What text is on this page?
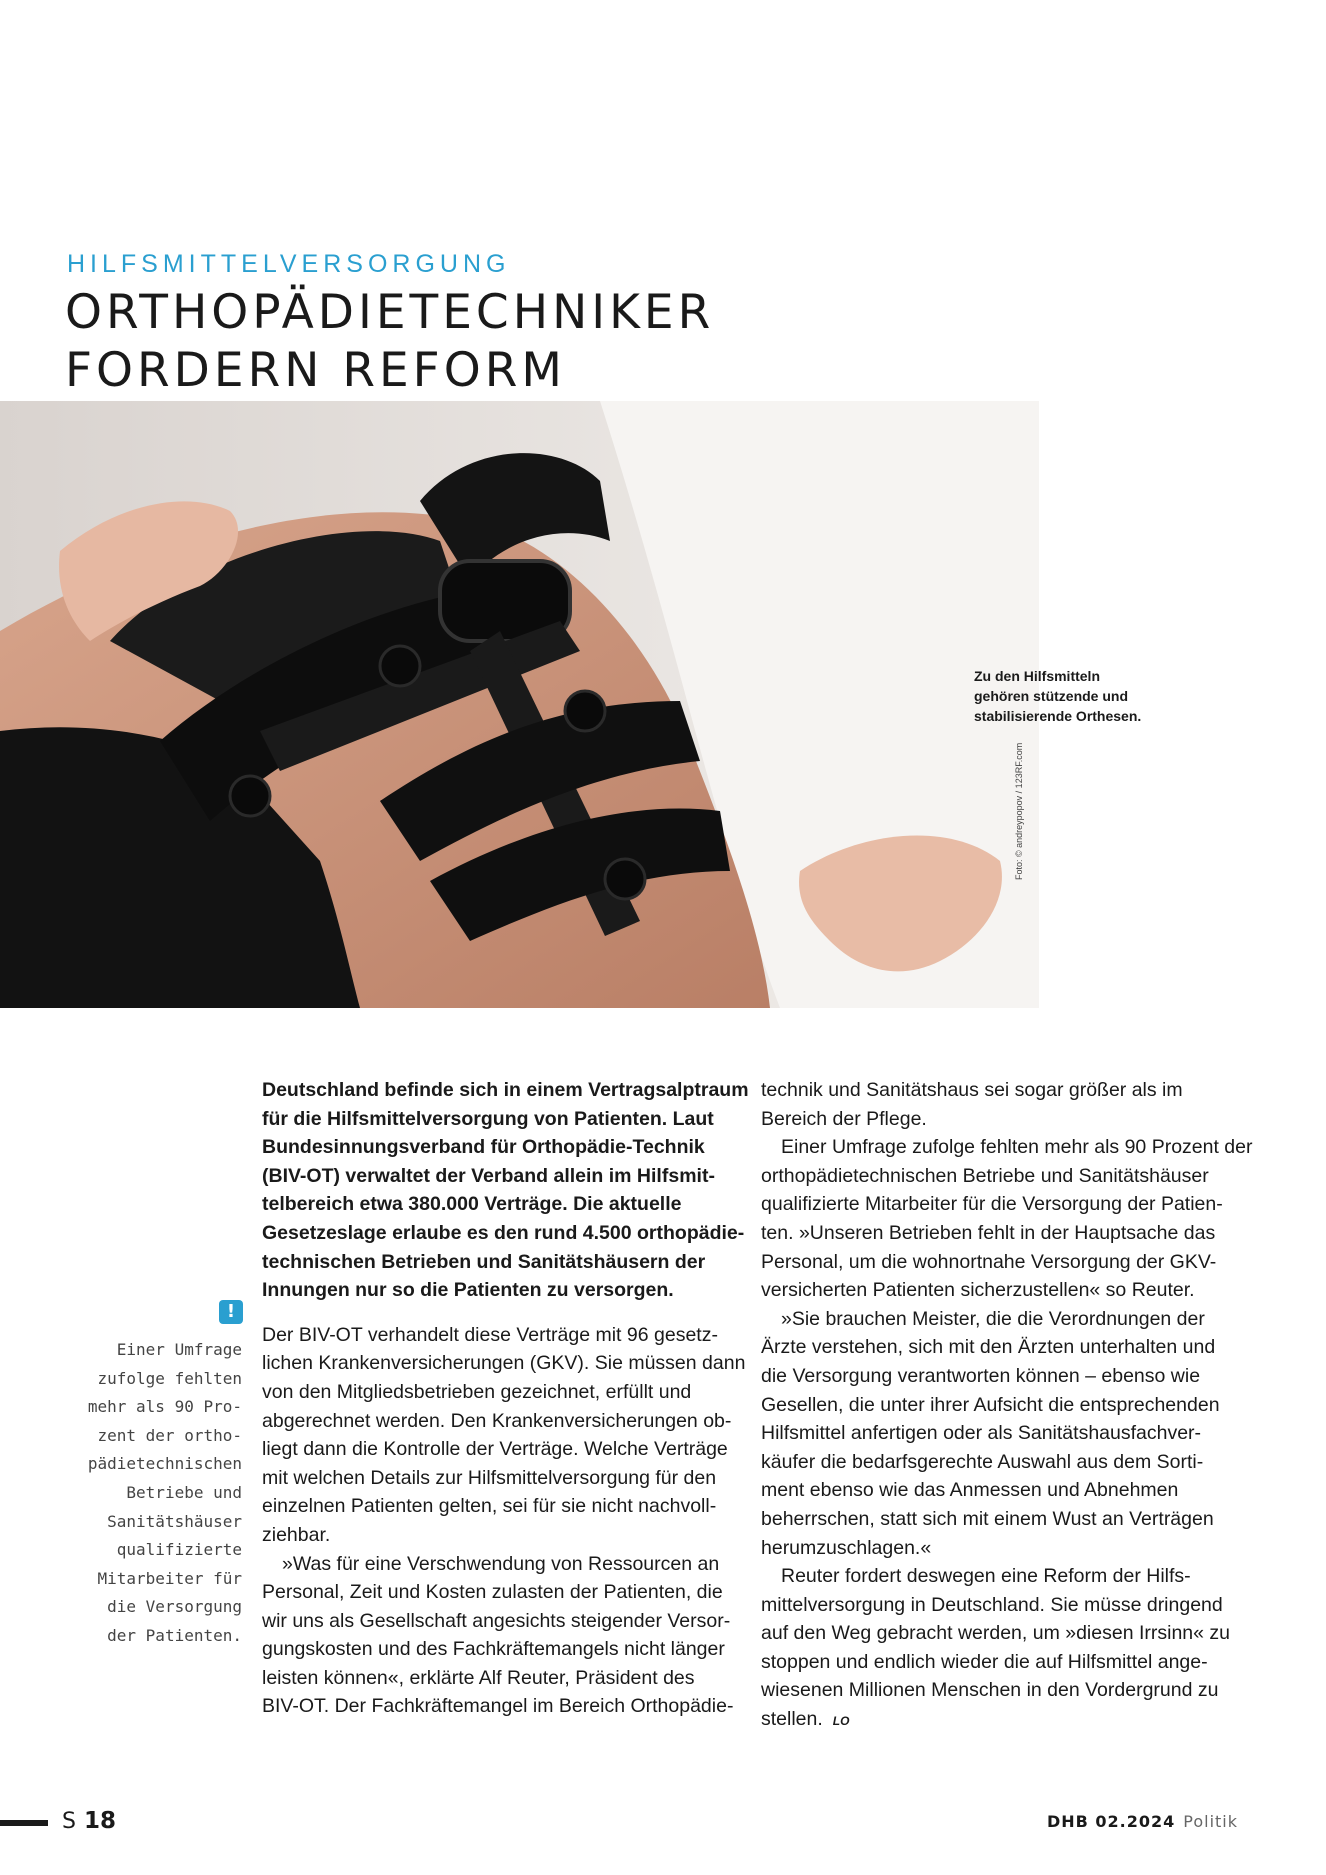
HILFSMITTELVERSORGUNG
ORTHOPÄDIETECHNIKER
FORDERN REFORM
Foto: © andreypopov / 123RF.com
Zu den Hilfsmitteln
gehören stützende und
stabilisierende Orthesen.
!
Einer Umfrage
zufolge fehlten
mehr als 90 Pro-
zent der ortho-
pädietechnischen
Betriebe und
Sanitätshäuser
qualifizierte
Mitarbeiter für
die Versorgung
der Patienten.
Deutschland befinde sich in einem Vertragsalptraum
für die Hilfsmittelversorgung von Patienten. Laut
Bundesinnungsverband für Orthopädie-Technik
(BIV-OT) verwaltet der Verband allein im Hilfsmit-
telbereich etwa 380.000 Verträge. Die aktuelle
Gesetzeslage erlaube es den rund 4.500 orthopädie-
technischen Betrieben und Sanitätshäusern der
Innungen nur so die Patienten zu versorgen.
Der BIV-OT verhandelt diese Verträge mit 96 gesetz-
lichen Krankenversicherungen (GKV). Sie müssen dann
von den Mitgliedsbetrieben gezeichnet, erfüllt und
abgerechnet werden. Den Krankenversicherungen ob-
liegt dann die Kontrolle der Verträge. Welche Verträge
mit welchen Details zur Hilfsmittelversorgung für den
einzelnen Patienten gelten, sei für sie nicht nachvoll-
ziehbar.
»Was für eine Verschwendung von Ressourcen an
Personal, Zeit und Kosten zulasten der Patienten, die
wir uns als Gesellschaft angesichts steigender Versor-
gungskosten und des Fachkräftemangels nicht länger
leisten können«, erklärte Alf Reuter, Präsident des
BIV-OT. Der Fachkräftemangel im Bereich Orthopädie-
technik und Sanitätshaus sei sogar größer als im
Bereich der Pflege.
Einer Umfrage zufolge fehlten mehr als 90 Prozent der
orthopädietechnischen Betriebe und Sanitätshäuser
qualifizierte Mitarbeiter für die Versorgung der Patien-
ten. »Unseren Betrieben fehlt in der Hauptsache das
Personal, um die wohnortnahe Versorgung der GKV-
versicherten Patienten sicherzustellen« so Reuter.
»Sie brauchen Meister, die die Verordnungen der
Ärzte verstehen, sich mit den Ärzten unterhalten und
die Versorgung verantworten können – ebenso wie
Gesellen, die unter ihrer Aufsicht die entsprechenden
Hilfsmittel anfertigen oder als Sanitätshausfachver-
käufer die bedarfsgerechte Auswahl aus dem Sorti-
ment ebenso wie das Anmessen und Abnehmen
beherrschen, statt sich mit einem Wust an Verträgen
herumzuschlagen.«
Reuter fordert deswegen eine Reform der Hilfs-
mittelversorgung in Deutschland. Sie müsse dringend
auf den Weg gebracht werden, um »diesen Irrsinn« zu
stoppen und endlich wieder die auf Hilfsmittel ange-
wiesenen Millionen Menschen in den Vordergrund zu
stellen. LO
S 18	DHB 02.2024 Politik
